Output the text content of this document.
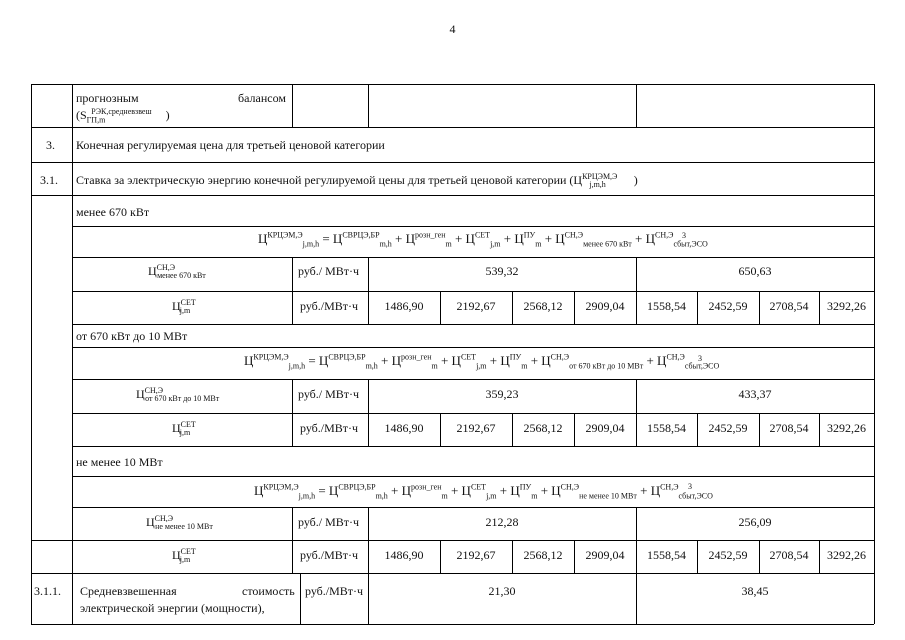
4
прогнозным	балансом
($S_{ГП,m}^{РЭК,средневзвеш}$ )
3. Конечная регулируемая цена для третьей ценовой категории
3.1. Ставка за электрическую энергию конечной регулируемой цены для третьей ценовой категории ($Ц^{КРЦЭМ,Э}_{j,m,h}$ )
менее 670 кВт
$Ц^{КРЦЭМ,Э}_{j,m,h} = Ц^{СВРЦЭ,БР}_{m,h} + Ц^{розн\_ген}_m + Ц^{СЕТ}_{j,m} + Ц^{ПУ}_m + Ц^{СН,Э}_{менее 670 кВт} + Ц^{СН,Э}_{сбыт,ЭСО}$
3
$Ц^{СН,Э}_{менее 670 кВт}$	руб./ МВт·ч	539,32	650,63
$Ц^{СЕТ}_{j,m}$	руб./МВт·ч	1486,90	2192,67	2568,12	2909,04	1558,54	2452,59	2708,54	3292,26
от 670 кВт до 10 МВт
$Ц^{КРЦЭМ,Э}_{j,m,h} = Ц^{СВРЦЭ,БР}_{m,h} + Ц^{розн\_ген}_m + Ц^{СЕТ}_{j,m} + Ц^{ПУ}_m + Ц^{СН,Э}_{от 670 кВт до 10 МВт} + Ц^{СН,Э}_{сбыт,ЭСО}$
3
$Ц^{СН,Э}_{от 670 кВт до 10 МВт}$	руб./ МВт·ч	359,23	433,37
$Ц^{СЕТ}_{j,m}$	руб./МВт·ч	1486,90	2192,67	2568,12	2909,04	1558,54	2452,59	2708,54	3292,26
не менее 10 МВт
$Ц^{КРЦЭМ,Э}_{j,m,h} = Ц^{СВРЦЭ,БР}_{m,h} + Ц^{розн\_ген}_m + Ц^{СЕТ}_{j,m} + Ц^{ПУ}_m + Ц^{СН,Э}_{не менее 10 МВт} + Ц^{СН,Э}_{сбыт,ЭСО}$
3
$Ц^{СН,Э}_{не менее 10 МВт}$	руб./ МВт·ч	212,28	256,09
$Ц^{СЕТ}_{j,m}$	руб./МВт·ч	1486,90	2192,67	2568,12	2909,04	1558,54	2452,59	2708,54	3292,26
3.1.1. Средневзвешенная	стоимость
электрической энергии (мощности),
руб./МВт·ч	21,30	38,45
